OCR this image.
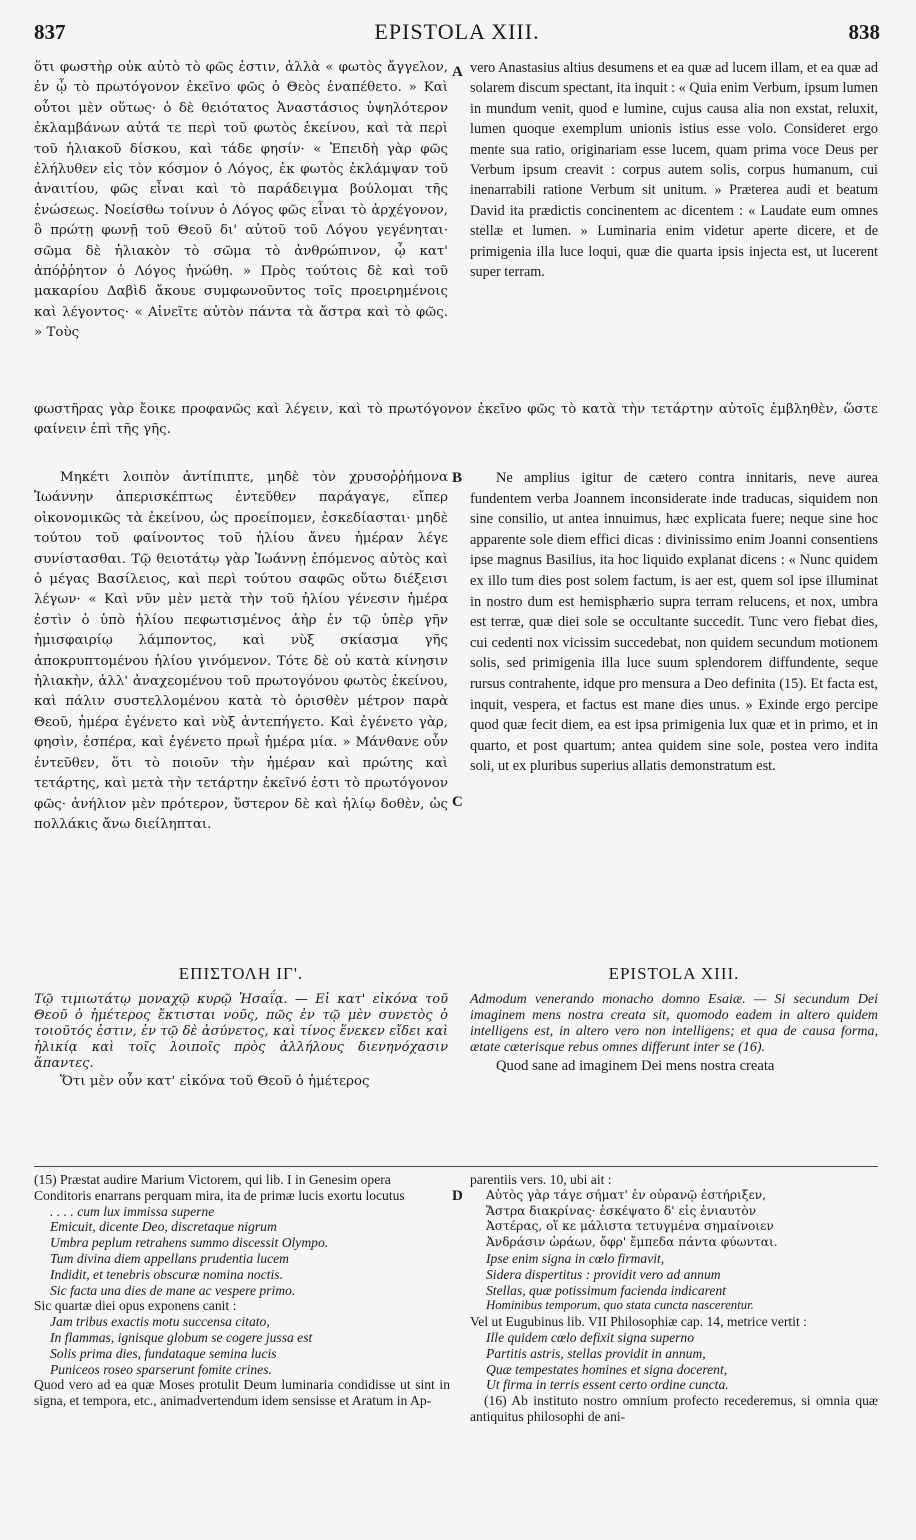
837	EPISTOLA XIII.	838

ὅτι φωστὴρ οὐκ αὐτὸ τὸ φῶς ἐστιν, ἀλλὰ « φωτὸς ἄγγελον, ἐν ᾧ τὸ πρωτόγονον ἐκεῖνο φῶς ὁ Θεὸς ἐναπέθετο. » Καὶ οὗτοι μὲν οὕτως· ὁ δὲ θειότατος Ἀναστάσιος ὑψηλότερον ἐκλαμβάνων αὐτά τε περὶ τοῦ φωτὸς ἐκείνου, καὶ τὰ περὶ τοῦ ἡλιακοῦ δίσκου, καὶ τάδε φησίν· « Ἐπειδὴ γὰρ φῶς ἐλήλυθεν εἰς τὸν κόσμον ὁ Λόγος, ἐκ φωτὸς ἐκλάμψαν τοῦ ἀναιτίου, φῶς εἶναι καὶ τὸ παράδειγμα βούλομαι τῆς ἑνώσεως. Νοείσθω τοίνυν ὁ Λόγος φῶς εἶναι τὸ ἀρχέγονον, ὃ πρώτῃ φωνῇ τοῦ Θεοῦ δι' αὐτοῦ τοῦ Λόγου γεγένηται· σῶμα δὲ ἡλιακὸν τὸ σῶμα τὸ ἀνθρώπινον, ᾧ κατ' ἀπόῤῥητον ὁ Λόγος ἡνώθη. » Πρὸς τούτοις δὲ καὶ τοῦ μακαρίου Δαβὶδ ἄκουε συμφωνοῦντος τοῖς προειρημένοις καὶ λέγοντος· « Αἰνεῖτε αὐτὸν πάντα τὰ ἄστρα καὶ τὸ φῶς. » Τοὺς

vero Anastasius altius desumens et ea quæ ad lucem illam, et ea quæ ad solarem discum spectant, ita inquit : « Quia enim Verbum, ipsum lumen in mundum venit, quod e lumine, cujus causa alia non exstat, reluxit, lumen quoque exemplum unionis istius esse volo. Consideret ergo mente sua ratio, originariam esse lucem, quam prima voce Deus per Verbum ipsum creavit : corpus autem solis, corpus humanum, cui inenarrabili ratione Verbum sit unitum. » Præterea audi et beatum David ita prædictis concinentem ac dicentem : « Laudate eum omnes stellæ et lumen. » Luminaria enim videtur aperte dicere, et de primigenia illa luce loqui, quæ die quarta ipsis injecta est, ut lucerent super terram.

A
φωστῆρας γὰρ ἔοικε προφανῶς καὶ λέγειν, καὶ τὸ πρωτόγονον ἐκεῖνο φῶς τὸ κατὰ τὴν τετάρτην αὐτοῖς ἐμβληθὲν, ὥστε φαίνειν ἐπὶ τῆς γῆς.

Μηκέτι λοιπὸν ἀντίπιπτε, μηδὲ τὸν χρυσοῤῥήμονα Ἰωάννην ἀπερισκέπτως ἐντεῦθεν παράγαγε, εἴπερ οἰκονομικῶς τὰ ἐκείνου, ὡς προείπομεν, ἐσκεδίασται· μηδὲ τούτου τοῦ φαίνοντος τοῦ ἡλίου ἄνευ ἡμέραν λέγε συνίστασθαι. Τῷ θειοτάτῳ γὰρ Ἰωάννῃ ἑπόμενος αὐτὸς καὶ ὁ μέγας Βασίλειος, καὶ περὶ τούτου σαφῶς οὕτω διέξεισι λέγων· « Καὶ νῦν μὲν μετὰ τὴν τοῦ ἡλίου γένεσιν ἡμέρα ἐστὶν ὁ ὑπὸ ἡλίου πεφωτισμένος ἀὴρ ἐν τῷ ὑπὲρ γῆν ἡμισφαιρίῳ λάμποντος, καὶ νὺξ σκίασμα γῆς ἀποκρυπτομένου ἡλίου γινόμενον. Τότε δὲ οὐ κατὰ κίνησιν ἡλιακὴν, ἀλλ' ἀναχεομένου τοῦ πρωτογόνου φωτὸς ἐκείνου, καὶ πάλιν συστελλομένου κατὰ τὸ ὁρισθὲν μέτρον παρὰ Θεοῦ, ἡμέρα ἐγένετο καὶ νὺξ ἀντεπήγετο. Καὶ ἐγένετο γὰρ, φησὶν, ἑσπέρα, καὶ ἐγένετο πρωῒ ἡμέρα μία. » Μάνθανε οὖν ἐντεῦθεν, ὅτι τὸ ποιοῦν τὴν ἡμέραν καὶ πρώτης καὶ τετάρτης, καὶ μετὰ τὴν τετάρτην ἐκεῖνό ἐστι τὸ πρωτόγονον φῶς· ἀνήλιον μὲν πρότερον, ὕστερον δὲ καὶ ἡλίῳ δοθὲν, ὡς πολλάκις ἄνω διείληπται.

Ne amplius igitur de cætero contra innitaris, neve aurea fundentem verba Joannem inconsiderate inde traducas, siquidem non sine consilio, ut antea innuimus, hæc explicata fuere; neque sine hoc apparente sole diem effici dicas : divinissimo enim Joanni consentiens ipse magnus Basilius, ita hoc liquido explanat dicens : « Nunc quidem ex illo tum dies post solem factum, is aer est, quem sol ipse illuminat in nostro dum est hemisphærio supra terram relucens, et nox, umbra est terræ, quæ diei sole se occultante succedit. Tunc vero fiebat dies, cui cedenti nox vicissim succedebat, non quidem secundum motionem solis, sed primigenia illa luce suum splendorem diffundente, seque rursus contrahente, idque pro mensura a Deo definita (15). Et facta est, inquit, vespera, et factus est mane dies unus. » Exinde ergo percipe quod quæ fecit diem, ea est ipsa primigenia lux quæ et in primo, et in quarto, et post quartum; antea quidem sine sole, postea vero indita soli, ut ex pluribus superius allatis demonstratum est.

B
C
ΕΠΙΣΤΟΛΗ ΙΓ'.

Τῷ τιμιωτάτῳ μοναχῷ κυρῷ Ἡσαΐᾳ. — Εἰ κατ' εἰκόνα τοῦ Θεοῦ ὁ ἡμέτερος ἔκτισται νοῦς, πῶς ἐν τῷ μὲν συνετὸς ὁ τοιοῦτός ἐστιν, ἐν τῷ δὲ ἀσύνετος, καὶ τίνος ἕνεκεν εἴδει καὶ ἡλικίᾳ καὶ τοῖς λοιποῖς πρὸς ἀλλήλους διενηνόχασιν ἅπαντες.

Ὅτι μὲν οὖν κατ' εἰκόνα τοῦ Θεοῦ ὁ ἡμέτερος

EPISTOLA XIII.

Admodum venerando monacho domno Esaiæ. — Si secundum Dei imaginem mens nostra creata sit, quomodo eadem in altero quidem intelligens est, in altero vero non intelligens; et qua de causa forma, ætate cæterisque rebus omnes differunt inter se (16).

Quod sane ad imaginem Dei mens nostra creata

D

(15) Præstat audire Marium Victorem, qui lib. I in Genesim opera Conditoris enarrans perquam mira, ita de primæ lucis exortu locutus

. . . . cum lux immissa superne
Emicuit, dicente Deo, discretaque nigrum
Umbra peplum retrahens summo discessit Olympo.
Tum divina diem appellans prudentia lucem
Indidit, et tenebris obscuræ nomina noctis.
Sic facta una dies de mane ac vespere primo.

Sic quartæ diei opus exponens canit :

Jam tribus exactis motu succensa citato,
In flammas, ignisque globum se cogere jussa est
Solis prima dies, fundataque semina lucis
Puniceos roseo sparserunt fomite crines.

Quod vero ad ea quæ Moses protulit Deum luminaria condidisse ut sint in signa, et tempora, etc., animadvertendum idem sensisse et Aratum in Ap-

parentiis vers. 10, ubi ait :

Αὐτὸς γὰρ τάγε σήματ' ἐν οὐρανῷ ἐστήριξεν,
Ἄστρα διακρίνας· ἐσκέψατο δ' εἰς ἐνιαυτὸν
Ἀστέρας, οἵ κε μάλιστα τετυγμένα σημαίνοιεν
Ἀνδράσιν ὡράων, ὄφρ' ἔμπεδα πάντα φύωνται.
Ipse enim signa in cœlo firmavit,
Sidera dispertitus : providit vero ad annum
Stellas, quæ potissimum facienda indicarent
Hominibus temporum, quo stata cuncta nascerentur.

Vel ut Eugubinus lib. VII Philosophiæ cap. 14, metrice vertit :

Ille quidem cœlo defixit signa superno
Partitis astris, stellas providit in annum,
Quæ tempestates homines et signa docerent,
Ut firma in terris essent certo ordine cuncta.

(16) Ab instituto nostro omnium profecto recederemus, si omnia quæ antiquitus philosophi de ani-
